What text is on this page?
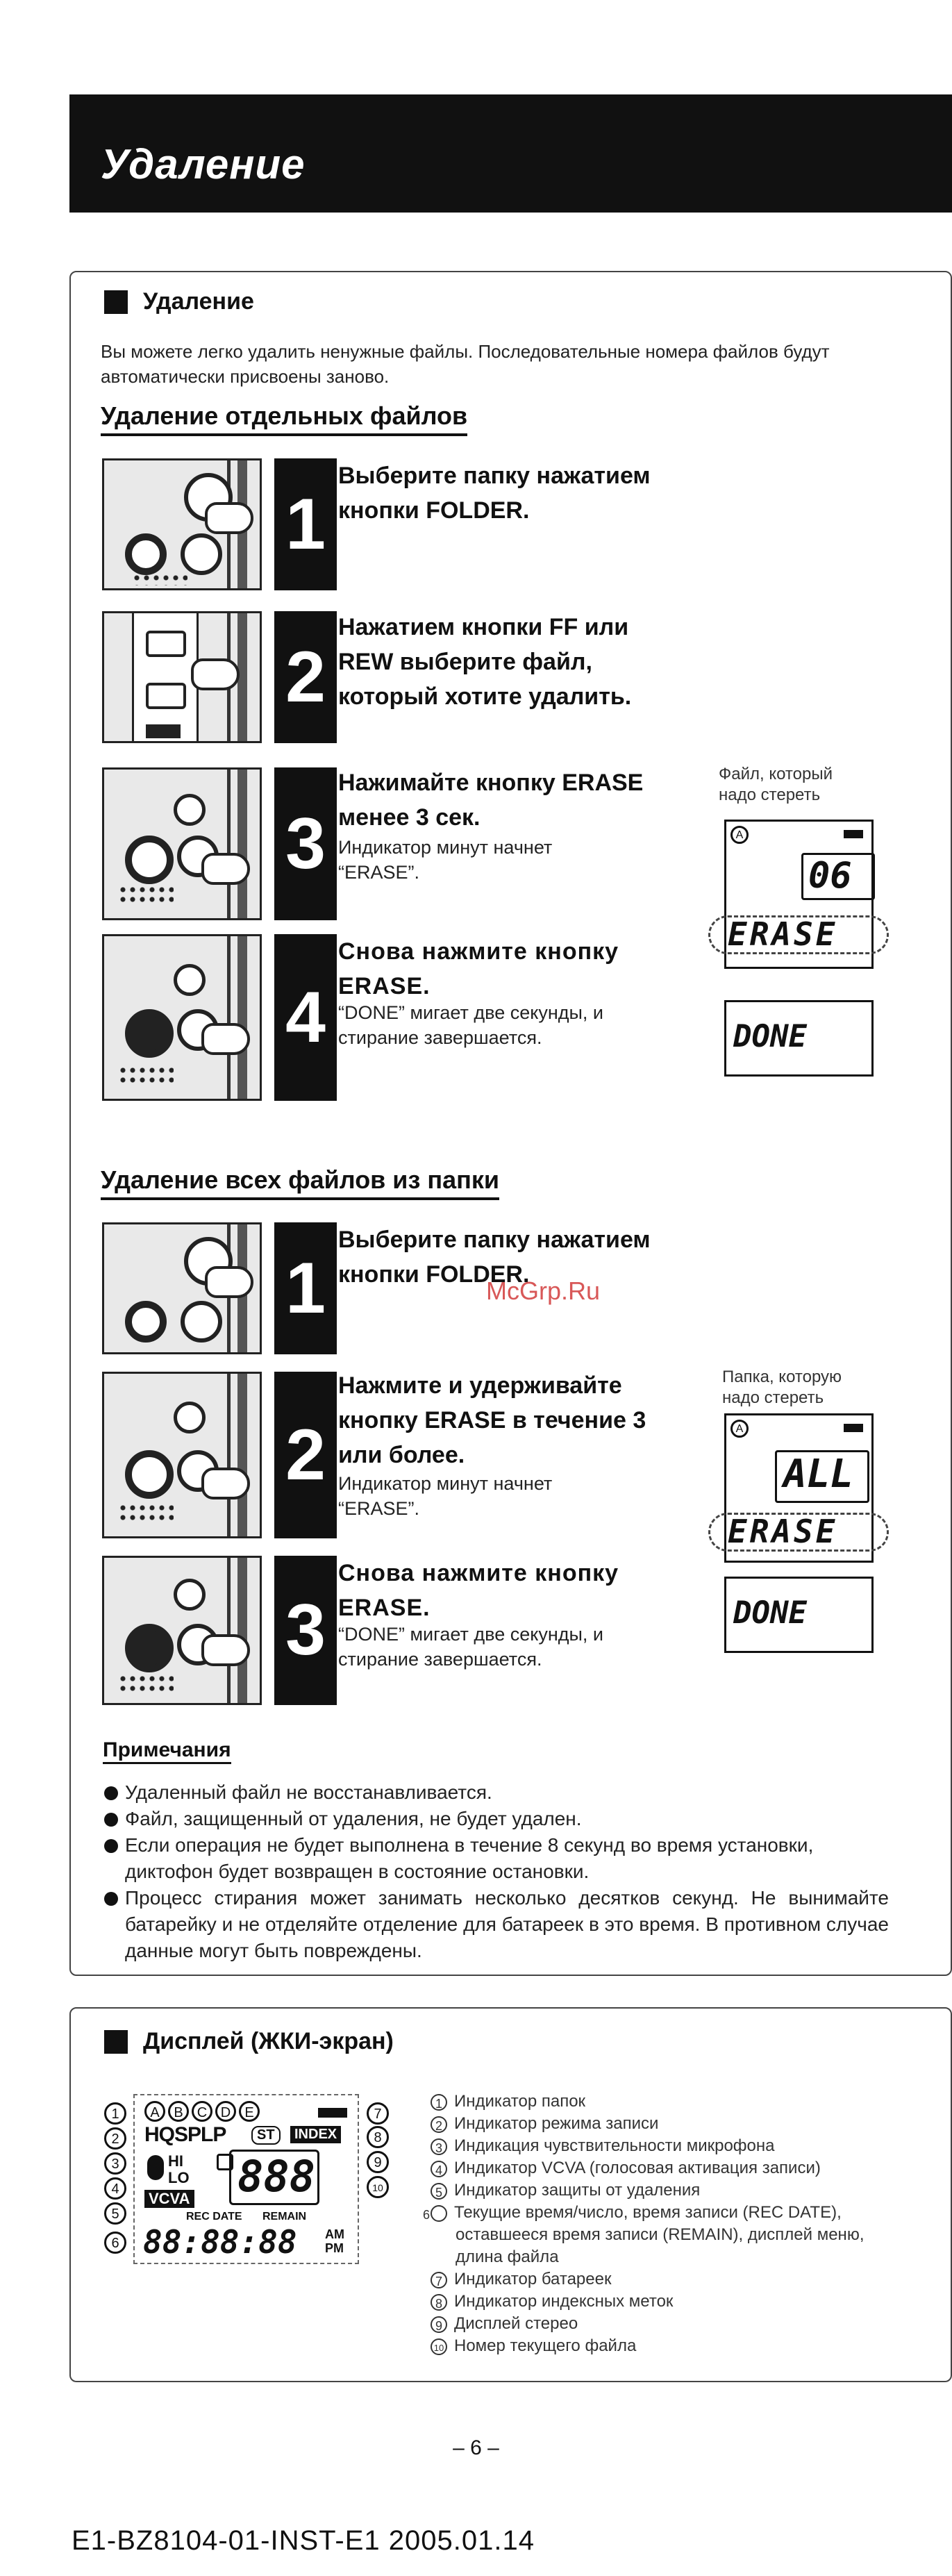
Удаление
Удаление
Вы можете легко удалить ненужные файлы. Последовательные номера файлов будут автоматически присвоены заново.
Удаление отдельных файлов
1
Выберите папку нажатием
кнопки FOLDER.
2
Нажатием кнопки FF или
REW выберите файл,
который хотите удалить.
3
Нажимайте кнопку ERASE
менее 3 сек.
Индикатор минут начнет
“ERASE”.
Файл, который
надо стереть
A
06
ERASE
4
Снова нажмите кнопку
ERASE.
“DONE” мигает две секунды, и
стирание завершается.	DONE
Удаление всех файлов из папки
1
Выберите папку нажатием
кнопки FOLDER.
McGrp.Ru
2
Нажмите и удерживайте
кнопку ERASE в течение 3
или более.
Индикатор минут начнет
“ERASE”.
Папка, которую
надо стереть
A
ALL
ERASE
3
Снова нажмите кнопку
ERASE.
“DONE” мигает две секунды, и
стирание завершается.
DONE
Примечания
Удаленный файл не восстанавливается.
Файл, защищенный от удаления, не будет удален.
Если операция не будет выполнена в течение 8 секунд во время установки, диктофон будет возвращен в состояние остановки.
Процесс стирания может занимать несколько десятков секунд. Не вынимайте батарейку и не отделяйте отделение для батареек в это время. В противном случае данные могут быть повреждены.
Дисплей (ЖКИ-экран)
1
2
3
4
5
6
7
8
9
10
A	B	C D	E
HQSPLP	ST	INDEX
HI
LO
VCVA 888
REC DATE REMAIN
88:88:88 AM
PM
1 Индикатор папок
2 Индикатор режима записи
3 Индикация чувствительности микрофона
4 Индикатор VCVA (голосовая активация записи)
5 Индикатор защиты от удаления
6 Текущие время/число, время записи (REC DATE), оставшееся время записи (REMAIN), дисплей меню, длина файла
7 Индикатор батареек
8 Индикатор индексных меток
9 Дисплей стерео
10 Номер текущего файла
– 6 –
E1-BZ8104-01-INST-E1 2005.01.14
